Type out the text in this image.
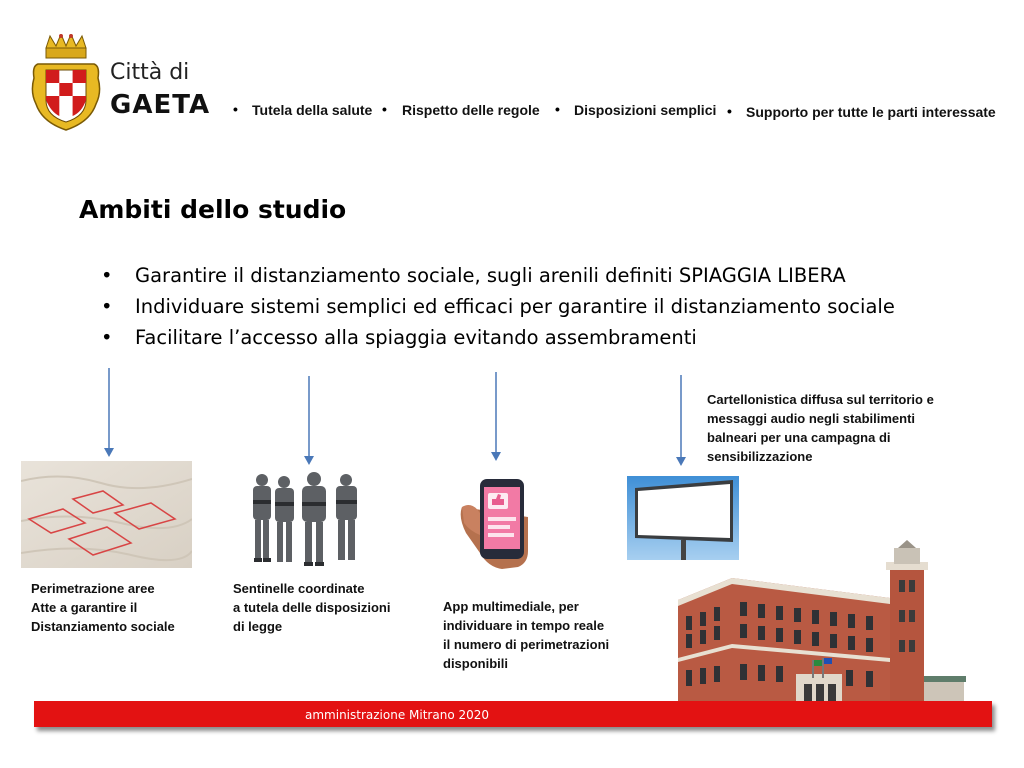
Città di
GAETA • Tutela della salute • Rispetto delle regole • Disposizioni semplici • Supporto per tutte le parti interessate
Ambiti dello studio
• Garantire il distanziamento sociale, sugli arenili definiti SPIAGGIA LIBERA
• Individuare sistemi semplici ed efficaci per garantire il distanziamento sociale
• Facilitare l’accesso alla spiaggia evitando assembramenti
Perimetrazione aree
Atte a garantire il
Distanziamento sociale
Sentinelle coordinate
a tutela delle disposizioni
di legge
App multimediale, per
individuare in tempo reale
il numero di perimetrazioni
disponibili
Cartellonistica diffusa sul territorio e
messaggi audio negli stabilimenti
balneari per una campagna di
sensibilizzazione
amministrazione Mitrano 2020
